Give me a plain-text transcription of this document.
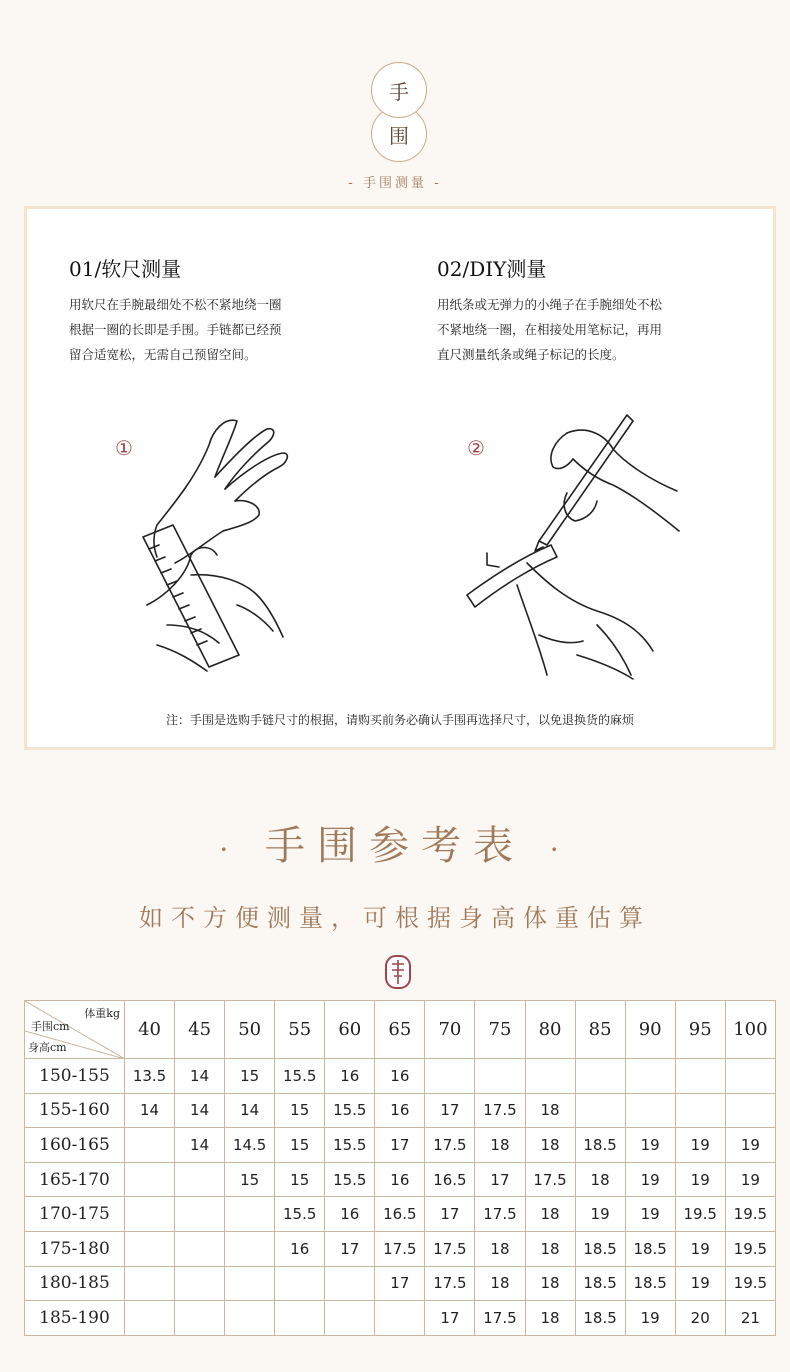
围
手
- 手围测量 -
01/软尺测量

用软尺在手腕最细处不松不紧地绕一圈

根据一圈的长即是手围。手链都已经预

留合适宽松，无需自己预留空间。

02/DIY测量

用纸条或无弹力的小绳子在手腕细处不松

不紧地绕一圈，在相接处用笔标记，再用

直尺测量纸条或绳子标记的长度。

①	②
注：手围是选购手链尺寸的根据，请购买前务必确认手围再选择尺寸，以免退换货的麻烦
· 手围参考表 ·
如不方便测量，可根据身高体重估算
体重kg
手围cm
身高cm	40	45	50	55	60	65	70	75	80	85	90	95	100
150-155	13.5	14	15	15.5	16	16							
155-160	14	14	14	15	15.5	16	17	17.5	18				
160-165		14	14.5	15	15.5	17	17.5	18	18	18.5	19	19	19
165-170			15	15	15.5	16	16.5	17	17.5	18	19	19	19
170-175				15.5	16	16.5	17	17.5	18	19	19	19.5	19.5
175-180				16	17	17.5	17.5	18	18	18.5	18.5	19	19.5
180-185						17	17.5	18	18	18.5	18.5	19	19.5
185-190							17	17.5	18	18.5	19	20	21
